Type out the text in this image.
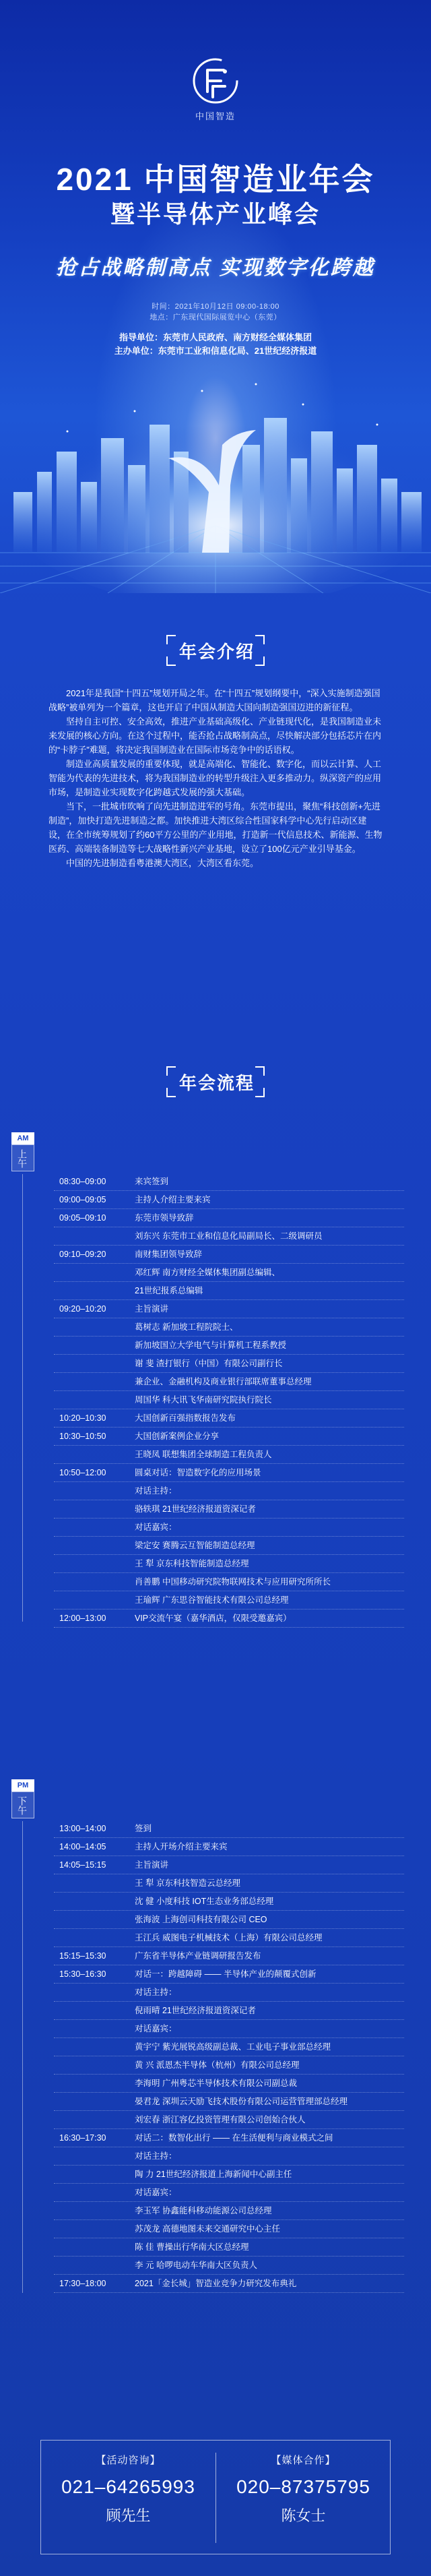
中国智造
2021 中国智造业年会
暨半导体产业峰会
抢占战略制高点 实现数字化跨越
时间：2021年10月12日 09:00-18:00
地点：广东现代国际展览中心（东莞）
指导单位：东莞市人民政府、南方财经全媒体集团
主办单位：东莞市工业和信息化局、21世纪经济报道
年会介绍

2021年是我国“十四五”规划开局之年。在“十四五”规划纲要中，“深入实施制造强国战略”被单列为一个篇章，这也开启了中国从制造大国向制造强国迈进的新征程。

坚持自主可控、安全高效，推进产业基础高级化、产业链现代化，是我国制造业未来发展的核心方向。在这个过程中，能否抢占战略制高点，尽快解决部分包括芯片在内的“卡脖子”难题，将决定我国制造业在国际市场竞争中的话语权。

制造业高质量发展的重要体现，就是高端化、智能化、数字化，而以云计算、人工智能为代表的先进技术，将为我国制造业的转型升级注入更多推动力。纵深资产的应用市场，是制造业实现数字化跨越式发展的强大基础。

当下，一批城市吹响了向先进制造进军的号角。东莞市提出，聚焦“科技创新+先进制造”，加快打造先进制造之都。加快推进大湾区综合性国家科学中心先行启动区建设，在全市统筹规划了约60平方公里的产业用地，打造新一代信息技术、新能源、生物医药、高端装备制造等七大战略性新兴产业基地，设立了100亿元产业引导基金。

中国的先进制造看粤港澳大湾区，大湾区看东莞。

年会流程
AM
上午
08:30–09:00	来宾签到
09:00–09:05	主持人介绍主要来宾
09:05–09:10	东莞市领导致辞
刘东兴 东莞市工业和信息化局副局长、二级调研员
09:10–09:20	南财集团领导致辞
邓红辉 南方财经全媒体集团副总编辑、
21世纪报系总编辑
09:20–10:20	主旨演讲
葛树志 新加坡工程院院士、
新加坡国立大学电气与计算机工程系教授
谢 斐 渣打银行（中国）有限公司副行长
兼企业、金融机构及商业银行部联席董事总经理
周国华 科大讯飞华南研究院执行院长
10:20–10:30	大国创新百强指数报告发布
10:30–10:50	大国创新案例企业分享
王晓凤 联想集团全球制造工程负责人
10:50–12:00	圆桌对话：智造数字化的应用场景
对话主持：
骆轶琪 21世纪经济报道资深记者
对话嘉宾：
梁定安 赛腾云互智能制造总经理
王 犁 京东科技智能制造总经理
肖善鹏 中国移动研究院物联网技术与应用研究所所长
王瑜辉 广东思谷智能技术有限公司总经理
12:00–13:00	VIP交流午宴（嘉华酒店，仅限受邀嘉宾）
PM
下午
13:00–14:00	签到
14:00–14:05	主持人开场介绍主要来宾
14:05–15:15	主旨演讲
王 犁 京东科技智造云总经理
沈 健 小度科技 IOT生态业务部总经理
张海波 上海创司科技有限公司 CEO
王江兵 威图电子机械技术（上海）有限公司总经理
15:15–15:30	广东省半导体产业链调研报告发布
15:30–16:30	对话一：跨越障碍 —— 半导体产业的颠覆式创新
对话主持：
倪雨晴 21世纪经济报道资深记者
对话嘉宾：
黄宇宁 紫光展锐高级副总裁、工业电子事业部总经理
黄 兴 派恩杰半导体（杭州）有限公司总经理
李海明 广州粤芯半导体技术有限公司副总裁
晏君龙 深圳云天励飞技术股份有限公司运营管理部总经理
刘宏春 浙江容亿投资管理有限公司创始合伙人
16:30–17:30	对话二：数智化出行 —— 在生活便利与商业模式之间
对话主持：
陶 力 21世纪经济报道上海新闻中心副主任
对话嘉宾：
李玉军 协鑫能科移动能源公司总经理
苏茂龙 高德地图未来交通研究中心主任
陈 佳 曹操出行华南大区总经理
李 元 哈啰电动车华南大区负责人
17:30–18:00	2021「金长城」智造业竞争力研究发布典礼
【活动咨询】
021–64265993
顾先生
【媒体合作】
020–87375795
陈女士
